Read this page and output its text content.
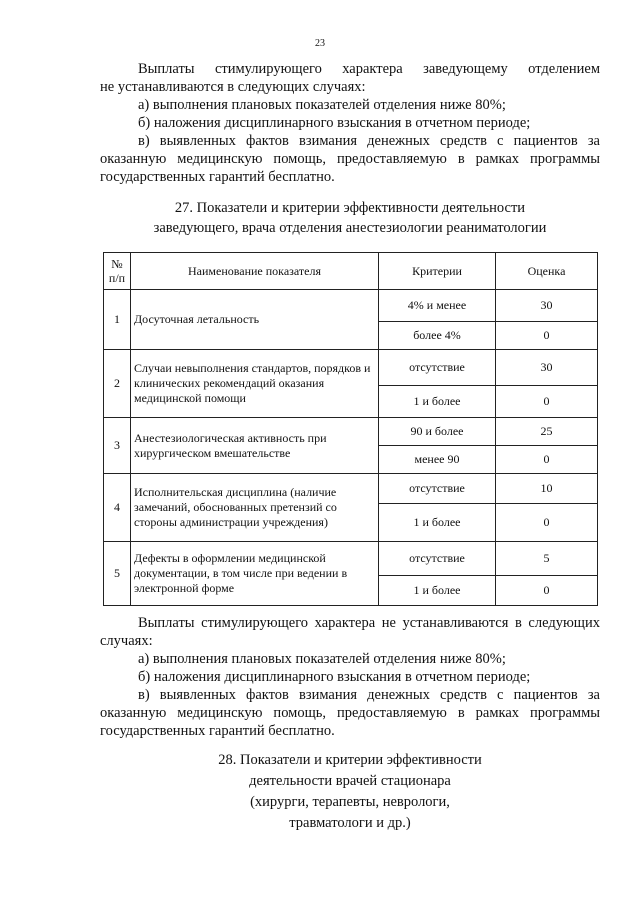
23

Выплаты стимулирующего характера заведующему отделением

не устанавливаются в следующих случаях:

а) выполнения плановых показателей отделения ниже 80%;

б) наложения дисциплинарного взыскания в отчетном периоде;

в) выявленных фактов взимания денежных средств с пациентов за оказанную медицинскую помощь, предоставляемую в рамках программы государственных гарантий бесплатно.

27. Показатели и критерии эффективности деятельности
заведующего, врача отделения анестезиологии реаниматологии
№
п/п	Наименование показателя	Критерии	Оценка
1	Досуточная летальность	4% и менее	30
		более 4%	0
2	Случаи невыполнения стандартов, порядков и клинических рекомендаций оказания медицинской помощи	отсутствие	30
		1 и более	0
3	Анестезиологическая активность при хирургическом вмешательстве	90 и более	25
		менее 90	0
4	Исполнительская дисциплина (наличие замечаний, обоснованных претензий со стороны администрации учреждения)	отсутствие	10
		1 и более	0
5	Дефекты в оформлении медицинской документации, в том числе при ведении в электронной форме	отсутствие	5
		1 и более	0

Выплаты стимулирующего характера не устанавливаются в следующих

случаях:

а) выполнения плановых показателей отделения ниже 80%;

б) наложения дисциплинарного взыскания в отчетном периоде;

в) выявленных фактов взимания денежных средств с пациентов за оказанную медицинскую помощь, предоставляемую в рамках программы государственных гарантий бесплатно.

28. Показатели и критерии эффективности
деятельности врачей стационара
(хирурги, терапевты, неврологи,
травматологи и др.)
